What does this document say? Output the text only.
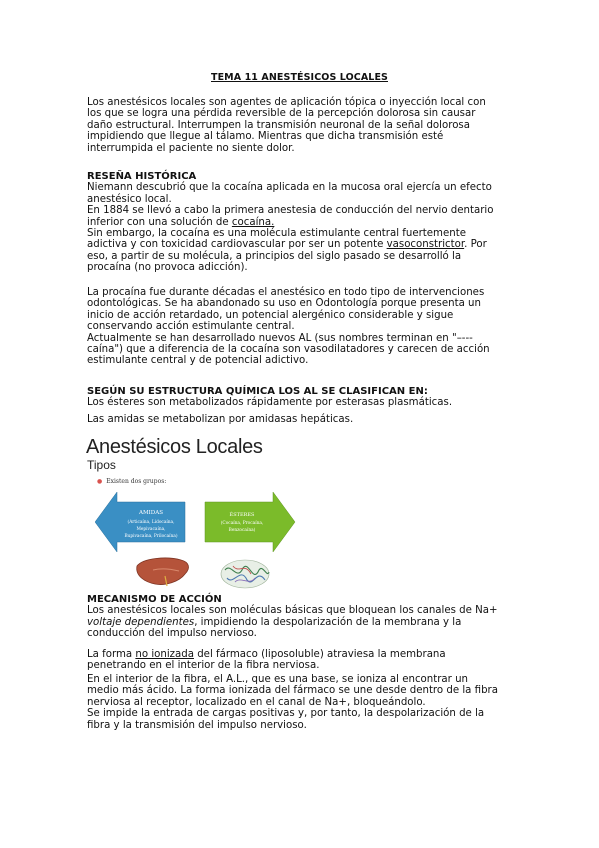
TEMA 11 ANESTÉSICOS LOCALES

Los anestésicos locales son agentes de aplicación tópica o inyección local con
los que se logra una pérdida reversible de la percepción dolorosa sin causar
daño estructural. Interrumpen la transmisión neuronal de la señal dolorosa
impidiendo que llegue al tálamo. Mientras que dicha transmisión esté
interrumpida el paciente no siente dolor.

RESEÑA HISTÓRICA
Niemann descubrió que la cocaína aplicada en la mucosa oral ejercía un efecto
anestésico local.
En 1884 se llevó a cabo la primera anestesia de conducción del nervio dentario
inferior con una solución de cocaína.
Sin embargo, la cocaína es una molécula estimulante central fuertemente
adictiva y con toxicidad cardiovascular por ser un potente vasoconstrictor. Por
eso, a partir de su molécula, a principios del siglo pasado se desarrolló la
procaína (no provoca adicción).

La procaína fue durante décadas el anestésico en todo tipo de intervenciones
odontológicas. Se ha abandonado su uso en Odontología porque presenta un
inicio de acción retardado, un potencial alergénico considerable y sigue
conservando acción estimulante central.
Actualmente se han desarrollado nuevos AL (sus nombres terminan en "–---
caína") que a diferencia de la cocaína son vasodilatadores y carecen de acción
estimulante central y de potencial adictivo.

SEGÚN SU ESTRUCTURA QUÍMICA LOS AL SE CLASIFICAN EN:
Los ésteres son metabolizados rápidamente por esterasas plasmáticas.

Las amidas se metabolizan por amidasas hepáticas.

Anestésicos Locales
Tipos
● Existen dos grupos:
AMIDAS
(Articaína, Lidocaína,
Mepivacaína,
Bupivacaína, Prilocaína)
ÉSTERES
(Cocaína, Procaína,
Benzocaína)

MECANISMO DE ACCIÓN
Los anestésicos locales son moléculas básicas que bloquean los canales de Na+
voltaje dependientes, impidiendo la despolarización de la membrana y la
conducción del impulso nervioso.

La forma no ionizada del fármaco (liposoluble) atraviesa la membrana
penetrando en el interior de la fibra nerviosa.

En el interior de la fibra, el A.L., que es una base, se ioniza al encontrar un
medio más ácido. La forma ionizada del fármaco se une desde dentro de la fibra
nerviosa al receptor, localizado en el canal de Na+, bloqueándolo.
Se impide la entrada de cargas positivas y, por tanto, la despolarización de la
fibra y la transmisión del impulso nervioso.
